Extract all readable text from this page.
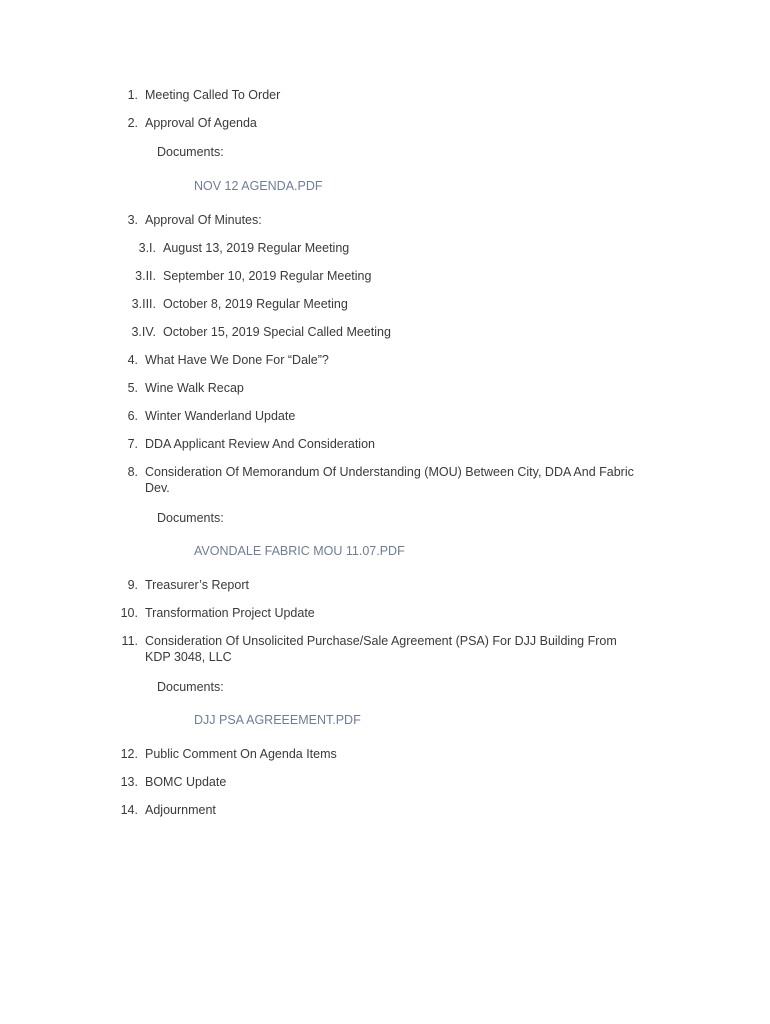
1. Meeting Called To Order
2. Approval Of Agenda
Documents:
NOV 12 AGENDA.PDF
3. Approval Of Minutes:
3.I. August 13, 2019 Regular Meeting
3.II. September 10, 2019 Regular Meeting
3.III. October 8, 2019 Regular Meeting
3.IV. October 15, 2019 Special Called Meeting
4. What Have We Done For “Dale”?
5. Wine Walk Recap
6. Winter Wanderland Update
7. DDA Applicant Review And Consideration
8. Consideration Of Memorandum Of Understanding (MOU) Between City, DDA And Fabric Dev.
Documents:
AVONDALE FABRIC MOU 11.07.PDF
9. Treasurer’s Report
10. Transformation Project Update
11. Consideration Of Unsolicited Purchase/Sale Agreement (PSA) For DJJ Building From KDP 3048, LLC
Documents:
DJJ PSA AGREEEMENT.PDF
12. Public Comment On Agenda Items
13. BOMC Update
14. Adjournment
